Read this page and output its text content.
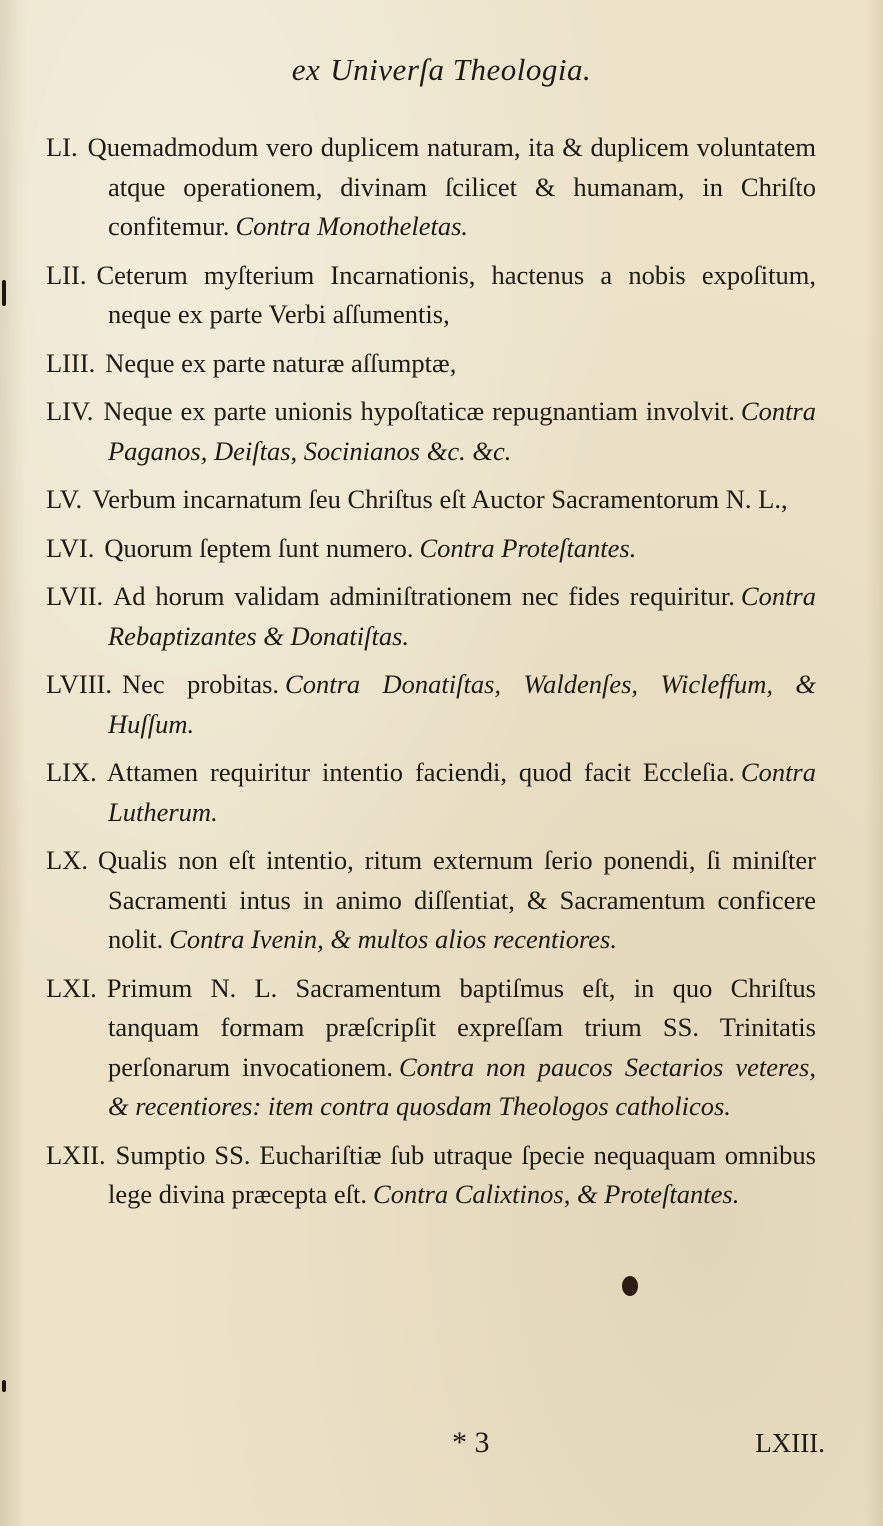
ex Univerſa Theologia.
LI. Quemadmodum vero duplicem naturam, ita & duplicem voluntatem atque operationem, divinam ſcilicet & humanam, in Chriſto confitemur. Contra Monotheletas.
LII. Ceterum myſterium Incarnationis, hactenus a nobis expoſitum, neque ex parte Verbi aſſumentis,
LIII. Neque ex parte naturæ aſſumptæ,
LIV. Neque ex parte unionis hypoſtaticæ repugnantiam involvit. Contra Paganos, Deiſtas, Socinianos &c. &c.
LV. Verbum incarnatum ſeu Chriſtus eſt Auctor Sacramentorum N. L.,
LVI. Quorum ſeptem ſunt numero. Contra Proteſtantes.
LVII. Ad horum validam adminiſtrationem nec fides requiritur. Contra Rebaptizantes & Donatiſtas.
LVIII. Nec probitas. Contra Donatiſtas, Waldenſes, Wicleffum, & Huſſum.
LIX. Attamen requiritur intentio faciendi, quod facit Eccleſia. Contra Lutherum.
LX. Qualis non eſt intentio, ritum externum ſerio ponendi, ſi miniſter Sacramenti intus in animo diſſentiat, & Sacramentum conficere nolit. Contra Ivenin, & multos alios recentiores.
LXI. Primum N. L. Sacramentum baptiſmus eſt, in quo Chriſtus tanquam formam præſcripſit expreſſam trium SS. Trinitatis perſonarum invocationem. Contra non paucos Sectarios veteres, & recentiores: item contra quosdam Theologos catholicos.
LXII. Sumptio SS. Euchariſtiæ ſub utraque ſpecie nequaquam omnibus lege divina præcepta eſt. Contra Calixtinos, & Proteſtantes.
* 3	LXIII.
